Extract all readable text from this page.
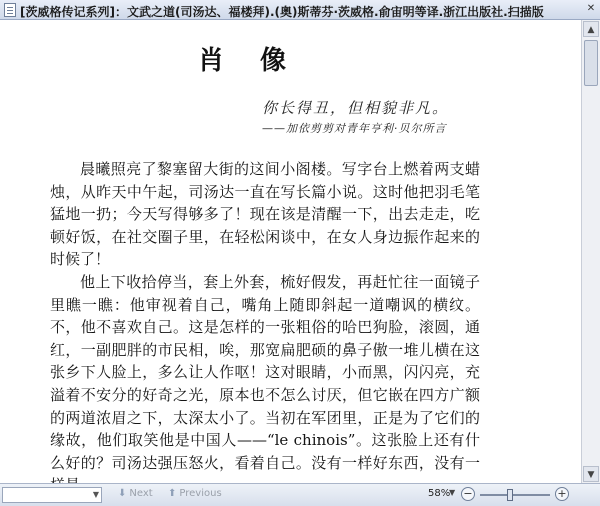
[茨威格传记系列]：文武之道(司汤达、福楼拜).(奥)斯蒂芬·茨威格.俞宙明等译.浙江出版社.扫描版	✕
肖像
你长得丑，但相貌非凡。
——加依剪剪对青年亨利·贝尔所言

晨曦照亮了黎塞留大街的这间小阁楼。写字台上燃着两支蜡烛，从昨天中午起，司汤达一直在写长篇小说。这时他把羽毛笔猛地一扔；今天写得够多了！现在该是清醒一下，出去走走，吃顿好饭，在社交圈子里，在轻松闲谈中，在女人身边振作起来的时候了！

他上下收拾停当，套上外套，梳好假发，再赶忙往一面镜子里瞧一瞧：他审视着自己，嘴角上随即斜起一道嘲讽的横纹。不，他不喜欢自己。这是怎样的一张粗俗的哈巴狗脸，滚圆，通红，一副肥胖的市民相，唉，那宽扁肥硕的鼻子傲一堆儿横在这张乡下人脸上，多么让人作呕！这对眼睛，小而黑，闪闪亮，充溢着不安分的好奇之光，原本也不怎么讨厌，但它嵌在四方广额的两道浓眉之下，太深太小了。当初在军团里，正是为了它们的缘故，他们取笑他是中国人——“le chinois”。这张脸上还有什么好的？司汤达强压怒火，看着自己。没有一样好东西，没有一

▲
▼
▼ ⬇ Next ⬆ Previous	58%
▼ −	+
